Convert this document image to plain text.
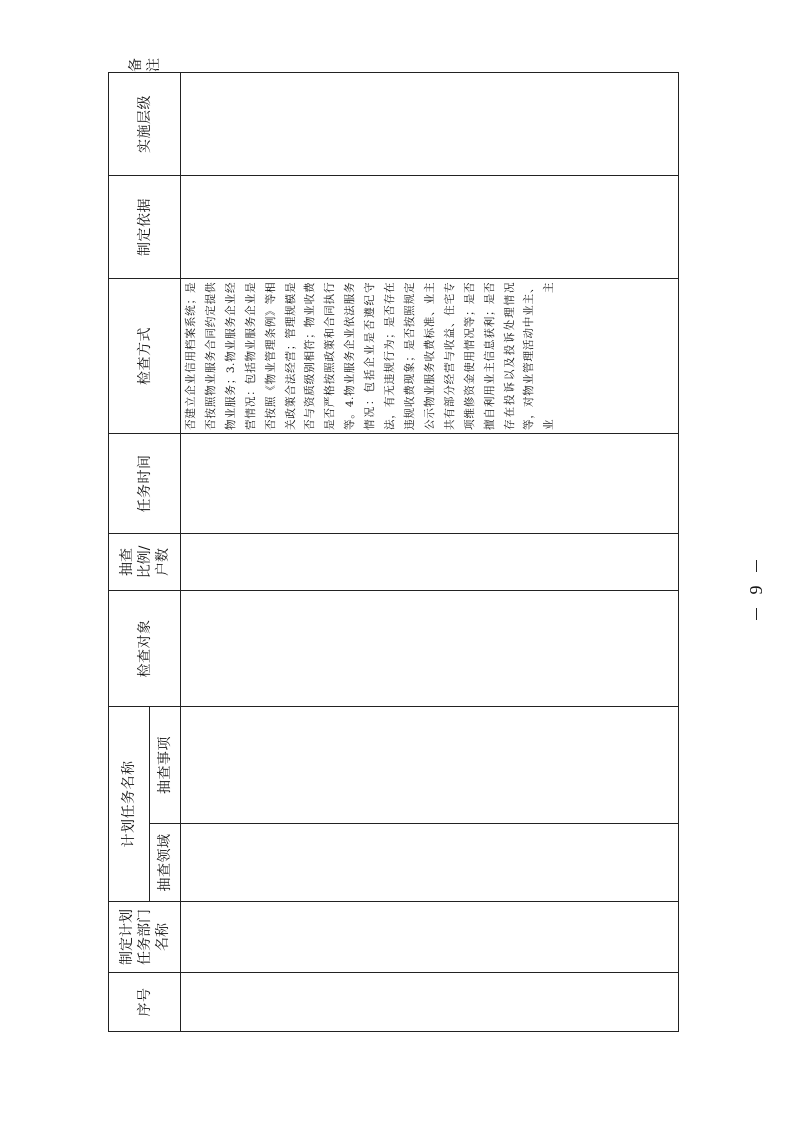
序号	制定计划 任务部门 名称	计划任务名称		检查对象	抽查 比例/ 户数	任务时间	检查方式	制定依据	实施层级	备注

		抽查领域	抽查事项							

							否建立企业信用档案系统；是否按照物业服务合同约定提供物业服务；3.物业服务企业经营情况：包括物业服务企业是否按照《物业管理条例》等相关政策合法经营；管理规模是否与资质级别相符；物业收费是否严格按照政策和合同执行等。4.物业服务企业依法服务情况：包括企业是否遵纪守法，有无违规行为；是否存在违规收费现象；是否按照规定公示物业服务收费标准、业主共有部分经营与收益、住宅专项维修资金使用情况等；是否擅自利用业主信息获利；是否存在投诉以及投诉处理情况等，对物业管理活动中业主、业主			

9
